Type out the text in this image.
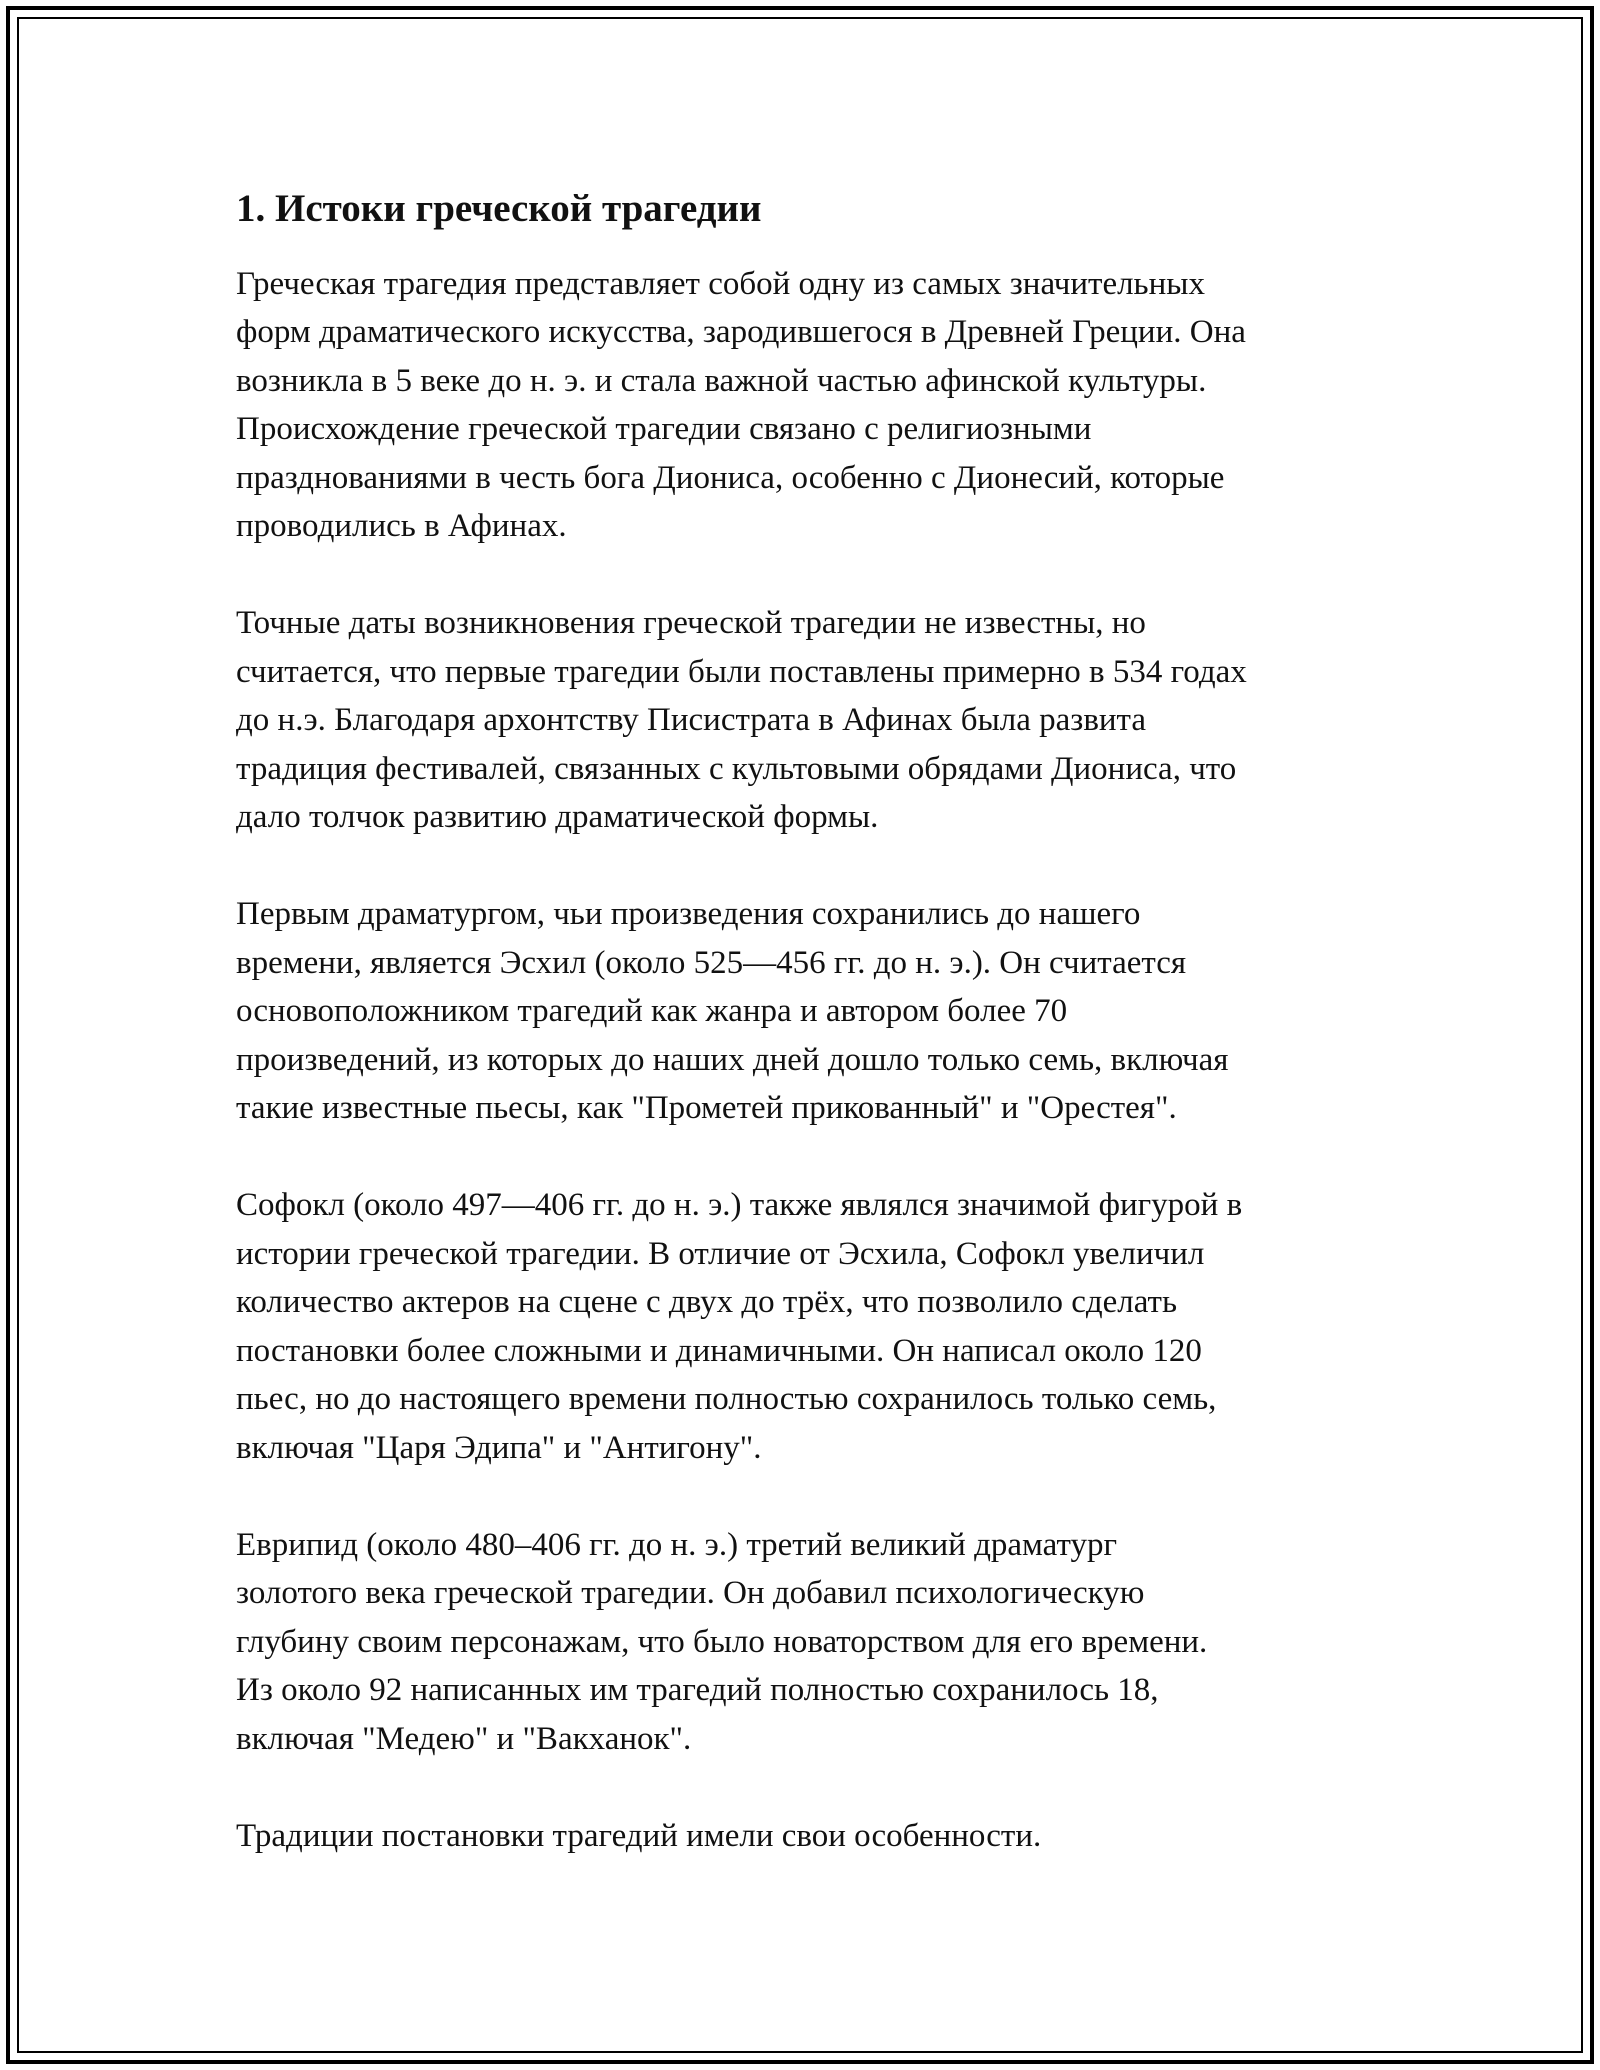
1. Истоки греческой трагедии

Греческая трагедия представляет собой одну из самых значительных
форм драматического искусства, зародившегося в Древней Греции. Она
возникла в 5 веке до н. э. и стала важной частью афинской культуры.
Происхождение греческой трагедии связано с религиозными
празднованиями в честь бога Диониса, особенно с Дионесий, которые
проводились в Афинах.

Точные даты возникновения греческой трагедии не известны, но
считается, что первые трагедии были поставлены примерно в 534 годах
до н.э. Благодаря архонтству Писистрата в Афинах была развита
традиция фестивалей, связанных с культовыми обрядами Диониса, что
дало толчок развитию драматической формы.

Первым драматургом, чьи произведения сохранились до нашего
времени, является Эсхил (около 525—456 гг. до н. э.). Он считается
основоположником трагедий как жанра и автором более 70
произведений, из которых до наших дней дошло только семь, включая
такие известные пьесы, как "Прометей прикованный" и "Орестея".

Софокл (около 497—406 гг. до н. э.) также являлся значимой фигурой в
истории греческой трагедии. В отличие от Эсхила, Софокл увеличил
количество актеров на сцене с двух до трёх, что позволило сделать
постановки более сложными и динамичными. Он написал около 120
пьес, но до настоящего времени полностью сохранилось только семь,
включая "Царя Эдипа" и "Антигону".

Еврипид (около 480–406 гг. до н. э.) третий великий драматург
золотого века греческой трагедии. Он добавил психологическую
глубину своим персонажам, что было новаторством для его времени.
Из около 92 написанных им трагедий полностью сохранилось 18,
включая "Медею" и "Вакханок".

Традиции постановки трагедий имели свои особенности.
